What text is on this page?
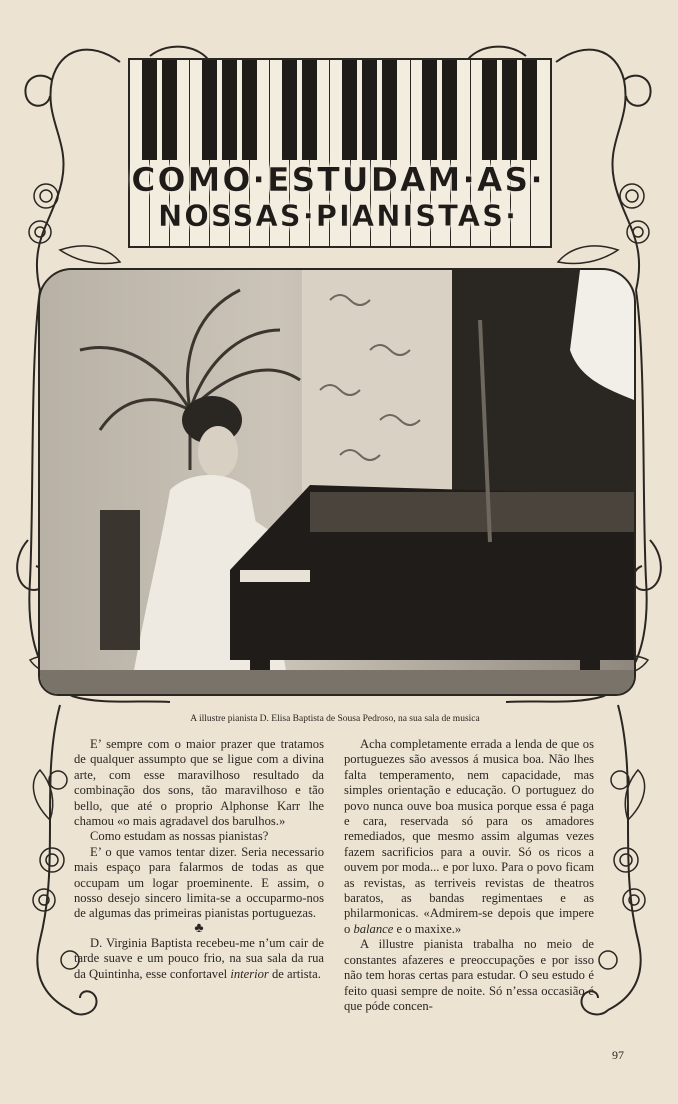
COMO·ESTUDAM·AS·
NOSSAS·PIANISTAS·
A illustre pianista D. Elisa Baptista de Sousa Pedroso, na sua sala de musica

E’ sempre com o maior prazer que tratamos de qualquer assumpto que se ligue com a divina arte, com esse maravilhoso resultado da combinação dos sons, tão maravilhoso e tão bello, que até o proprio Alphonse Karr lhe chamou «o mais agradavel dos barulhos.»

Como estudam as nossas pianistas?

E’ o que vamos tentar dizer. Seria necessario mais espaço para falarmos de todas as que occupam um logar proeminente. E assim, o nosso desejo sincero limita-se a occuparmo-nos de algumas das primeiras pianistas portuguezas.

♣

D. Virginia Baptista recebeu-me n’um cair de tarde suave e um pouco frio, na sua sala da rua da Quintinha, esse confortavel interior de artista.

Acha completamente errada a lenda de que os portuguezes são avessos á musica boa. Não lhes falta temperamento, nem capacidade, mas simples orientação e educação. O portuguez do povo nunca ouve boa musica porque essa é paga e cara, reservada só para os amadores remediados, que mesmo assim algumas vezes fazem sacrificios para a ouvir. Só os ricos a ouvem por moda... e por luxo. Para o povo ficam as revistas, as terriveis revistas de theatros baratos, as bandas regimentaes e as philarmonicas. «Admirem-se depois que impere o balance e o maxixe.»

A illustre pianista trabalha no meio de constantes afazeres e preoccupações e por isso não tem horas certas para estudar. O seu estudo é feito quasi sempre de noite. Só n’essa occasião é que póde concen-

97
